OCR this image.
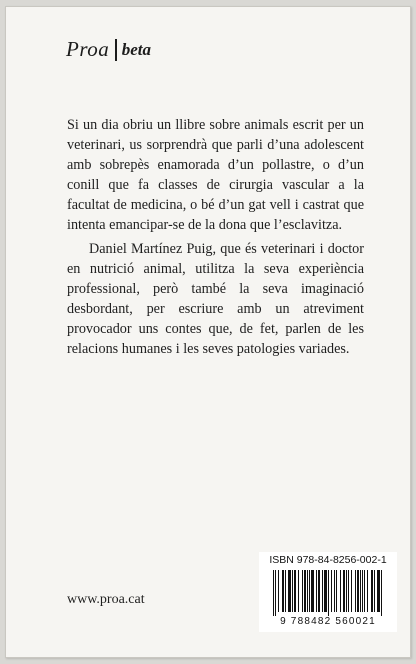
Proa beta

Si un dia obriu un llibre sobre animals escrit per un veterinari, us sorprendrà que parli d’una adolescent amb sobrepès enamorada d’un pollastre, o d’un conill que fa classes de cirurgia vascular a la facultat de medicina, o bé d’un gat vell i castrat que intenta emancipar-se de la dona que l’esclavitza.

Daniel Martínez Puig, que és veterinari i doctor en nutrició animal, utilitza la seva experiència professional, però també la seva imaginació desbordant, per escriure amb un atreviment provocador uns contes que, de fet, parlen de les relacions humanes i les seves patologies variades.

www.proa.cat
ISBN 978-84-8256-002-1
9 788482 560021
